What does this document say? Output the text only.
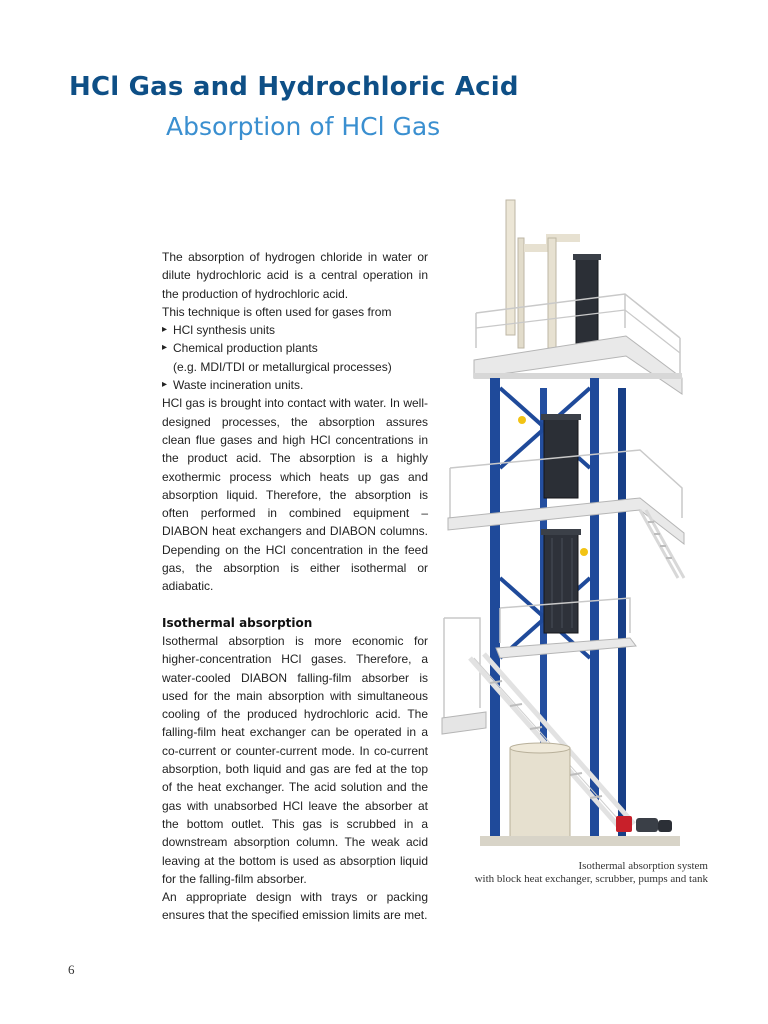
HCl Gas and Hydrochloric Acid
Absorption of HCl Gas

The absorption of hydrogen chloride in water or dilute hydrochloric acid is a central operation in the production of hydrochloric acid.

This technique is often used for gases from

▸ HCl synthesis units
▸ Chemical production plants
(e.g. MDI/TDI or metallurgical processes)
▸ Waste incineration units.

HCl gas is brought into contact with water. In well-designed processes, the absorption assures clean flue gases and high HCl concentrations in the product acid. The absorption is a highly exothermic process which heats up gas and absorption liquid. Therefore, the absorption is often performed in combined equipment – DIABON heat exchangers and DIABON columns. Depending on the HCl concentration in the feed gas, the absorption is either isothermal or adiabatic.

Isothermal absorption

Isothermal absorption is more economic for higher-concentration HCl gases. Therefore, a water-cooled DIABON falling-film absorber is used for the main absorption with simultaneous cooling of the produced hydrochloric acid. The falling-film heat exchanger can be operated in a co-current or counter-current mode. In co-current absorption, both liquid and gas are fed at the top of the heat exchanger. The acid solution and the gas with unabsorbed HCl leave the absorber at the bottom outlet. This gas is scrubbed in a downstream absorption column. The weak acid leaving at the bottom is used as absorption liquid for the falling-film absorber.

An appropriate design with trays or packing ensures that the specified emission limits are met.

Isothermal absorption system
with block heat exchanger, scrubber, pumps and tank
6
